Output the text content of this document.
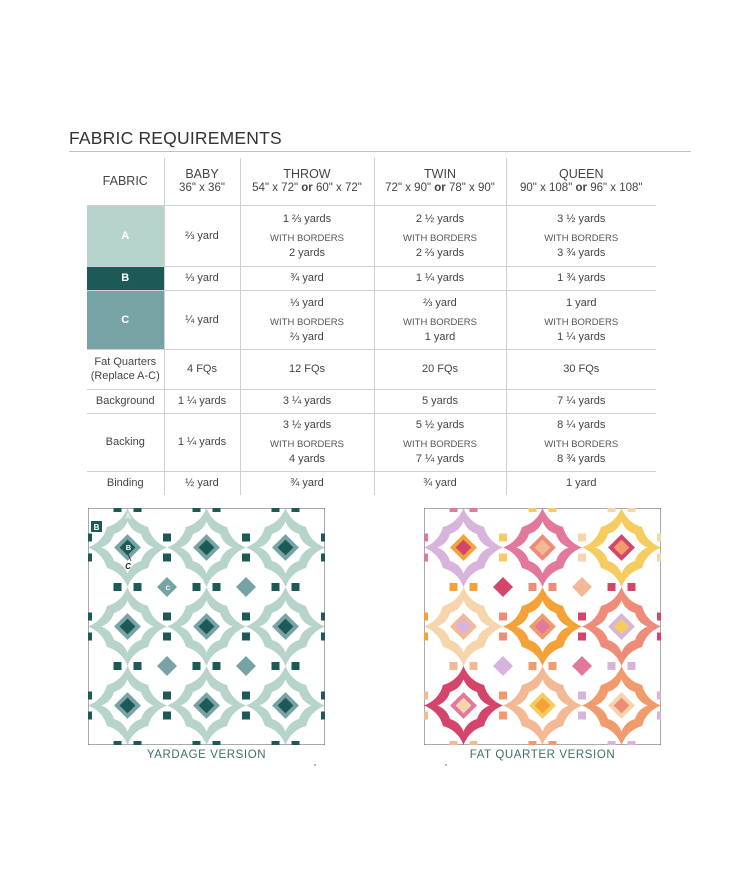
FABRIC REQUIREMENTS
FABRIC	BABY
36" x 36"	THROW
54" x 72" or 60" x 72"	TWIN
72" x 90" or 78" x 90"	QUEEN
90" x 108" or 96" x 108"

A	⅔ yard	1 ⅔ yards
WITH BORDERS
2 yards	2 ½ yards
WITH BORDERS
2 ⅔ yards	3 ½ yards
WITH BORDERS
3 ¾ yards

B	⅓ yard	¾ yard	1 ¼ yards	1 ¾ yards
C	¼ yard	⅓ yard
WITH BORDERS
⅔ yard	⅔ yard
WITH BORDERS
1 yard	1 yard
WITH BORDERS
1 ¼ yards

Fat Quarters
(Replace A-C)	4 FQs	12 FQs	20 FQs	30 FQs
Background	1 ¼ yards	3 ¼ yards	5 yards	7 ¼ yards
Backing	1 ¼ yards	3 ½ yards
WITH BORDERS
4 yards	5 ½ yards
WITH BORDERS
7 ¼ yards	8 ¼ yards
WITH BORDERS
8 ¾ yards

Binding	½ yard	¾ yard	¾ yard	1 yard
B
A
B
C
C
YARDAGE VERSION	FAT QUARTER VERSION
